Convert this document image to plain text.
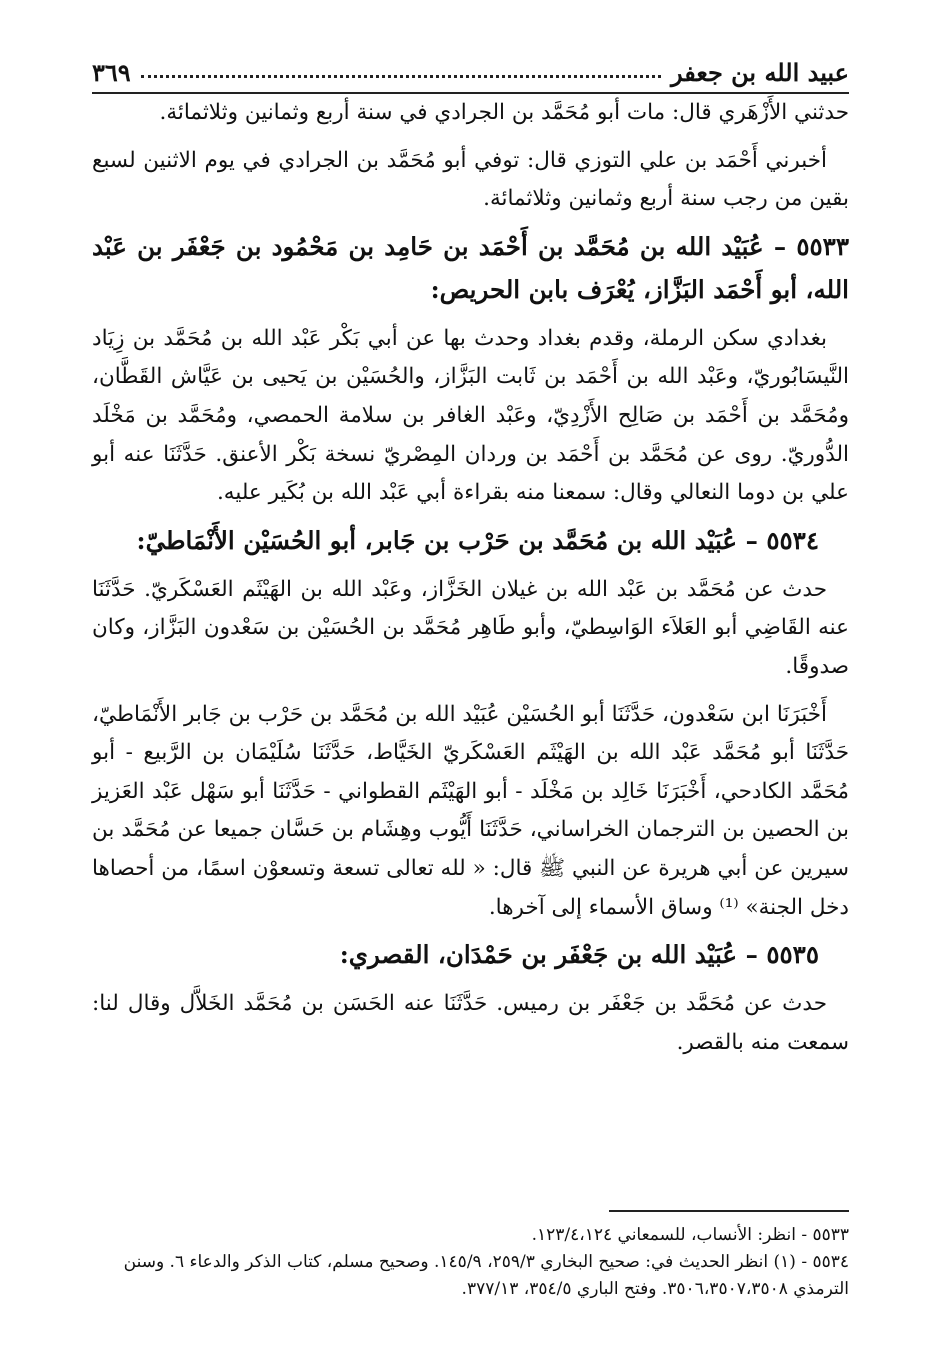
عبيد الله بن جعفر
٣٦٩

حدثني الأَزْهَري قال: مات أبو مُحَمَّد بن الجرادي في سنة أربع وثمانين وثلاثمائة.

أخبرني أَحْمَد بن علي التوزي قال: توفي أبو مُحَمَّد بن الجرادي في يوم الاثنين لسبع بقين من رجب سنة أربع وثمانين وثلاثمائة.

٥٥٣٣ – عُبَيْد الله بن مُحَمَّد بن أَحْمَد بن حَامِد بن مَحْمُود بن جَعْفَر بن عَبْد الله، أبو أَحْمَد البَزَّاز، يُعْرَف بابن الحريص:

بغدادي سكن الرملة، وقدم بغداد وحدث بها عن أبي بَكْر عَبْد الله بن مُحَمَّد بن زِيَاد النَّيسَابُوريّ، وعَبْد الله بن أَحْمَد بن ثَابت البَزَّاز، والحُسَيْن بن يَحيى بن عَيَّاش القَطَّان، ومُحَمَّد بن أَحْمَد بن صَالِح الأَزْدِيّ، وعَبْد الغافر بن سلامة الحمصي، ومُحَمَّد بن مَخْلَد الدُّوريّ. روى عن مُحَمَّد بن أَحْمَد بن وردان المِصْريّ نسخة بَكْر الأعنق. حَدَّثَنَا عنه أبو علي بن دوما النعالي وقال: سمعنا منه بقراءة أبي عَبْد الله بن بُكَير عليه.

٥٥٣٤ – عُبَيْد الله بن مُحَمَّد بن حَرْب بن جَابر، أبو الحُسَيْن الأَنْمَاطيّ:

حدث عن مُحَمَّد بن عَبْد الله بن غيلان الخَزَّاز، وعَبْد الله بن الهَيْثَم العَسْكَريّ. حَدَّثَنَا عنه القَاضِي أبو العَلاَء الوَاسِطيّ، وأبو طَاهِر مُحَمَّد بن الحُسَيْن بن سَعْدون البَزَّاز، وكان صدوقًا.

أَخْبَرَنَا ابن سَعْدون، حَدَّثَنَا أبو الحُسَيْن عُبَيْد الله بن مُحَمَّد بن حَرْب بن جَابر الأَنْمَاطيّ، حَدَّثَنَا أبو مُحَمَّد عَبْد الله بن الهَيْثَم العَسْكَريّ الخَيَّاط، حَدَّثَنَا سُلَيْمَان بن الرَّبيع - أبو مُحَمَّد الكادحي، أَخْبَرَنَا خَالِد بن مَخْلَد - أبو الهَيْثَم القطواني - حَدَّثَنَا أبو سَهْل عَبْد العَزيز بن الحصين بن الترجمان الخراساني، حَدَّثَنَا أَيُّوب وهِشَام بن حَسَّان جميعا عن مُحَمَّد بن سيرين عن أبي هريرة عن النبي ﷺ قال: « لله تعالى تسعة وتسعوْن اسمًا، من أحصاها دخل الجنة» ⁽¹⁾ وساق الأسماء إلى آخرها.

٥٥٣٥ – عُبَيْد الله بن جَعْفَر بن حَمْدَان، القصري:

حدث عن مُحَمَّد بن جَعْفَر بن رميس. حَدَّثَنَا عنه الحَسَن بن مُحَمَّد الخَلاَّل وقال لنا: سمعت منه بالقصر.

٥٥٣٣ - انظر: الأنساب، للسمعاني ١٢٣/٤،١٢٤.
٥٥٣٤ - (١) انظر الحديث في: صحيح البخاري ٢٥٩/٣، ١٤٥/٩. وصحيح مسلم، كتاب الذكر والدعاء ٦. وسنن الترمذي ٣٥٠٦،٣٥٠٧،٣٥٠٨. وفتح الباري ٣٥٤/٥، ٣٧٧/١٣.
